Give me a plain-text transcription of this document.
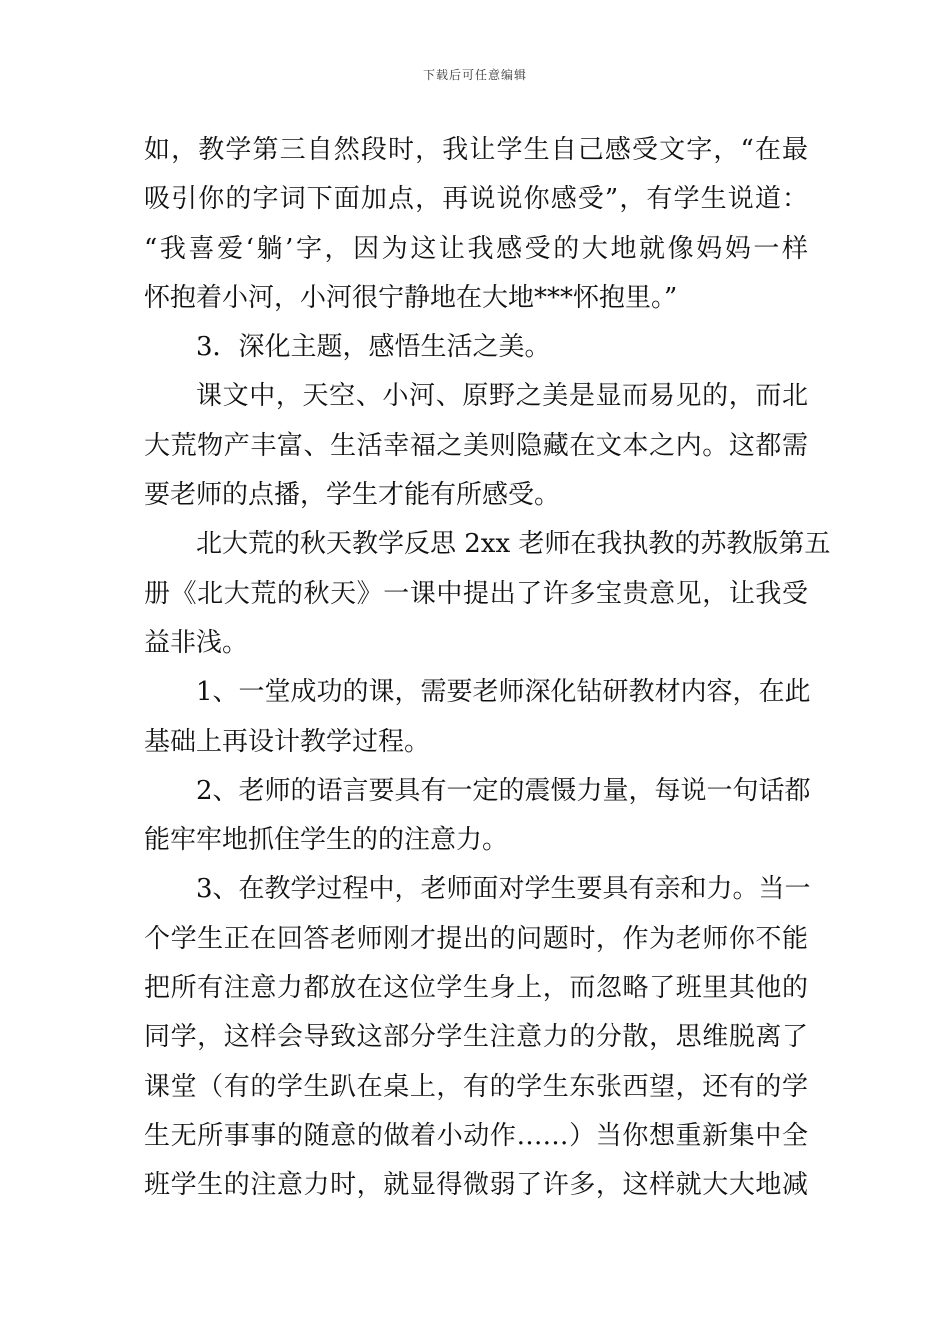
下载后可任意编辑
如，教学第三自然段时，我让学生自己感受文字，“在最
吸引你的字词下面加点，再说说你感受”，有学生说道：
“我喜爱‘躺’字，因为这让我感受的大地就像妈妈一样
怀抱着小河，小河很宁静地在大地***怀抱里。”
3．深化主题，感悟生活之美。
课文中，天空、小河、原野之美是显而易见的，而北
大荒物产丰富、生活幸福之美则隐藏在文本之内。这都需
要老师的点播，学生才能有所感受。
北大荒的秋天教学反思 2xx 老师在我执教的苏教版第五
册《北大荒的秋天》一课中提出了许多宝贵意见，让我受
益非浅。
1、一堂成功的课，需要老师深化钻研教材内容，在此
基础上再设计教学过程。
2、老师的语言要具有一定的震慑力量，每说一句话都
能牢牢地抓住学生的的注意力。
3、在教学过程中，老师面对学生要具有亲和力。当一
个学生正在回答老师刚才提出的问题时，作为老师你不能
把所有注意力都放在这位学生身上，而忽略了班里其他的
同学，这样会导致这部分学生注意力的分散，思维脱离了
课堂（有的学生趴在桌上，有的学生东张西望，还有的学
生无所事事的随意的做着小动作……）当你想重新集中全
班学生的注意力时，就显得微弱了许多，这样就大大地减
